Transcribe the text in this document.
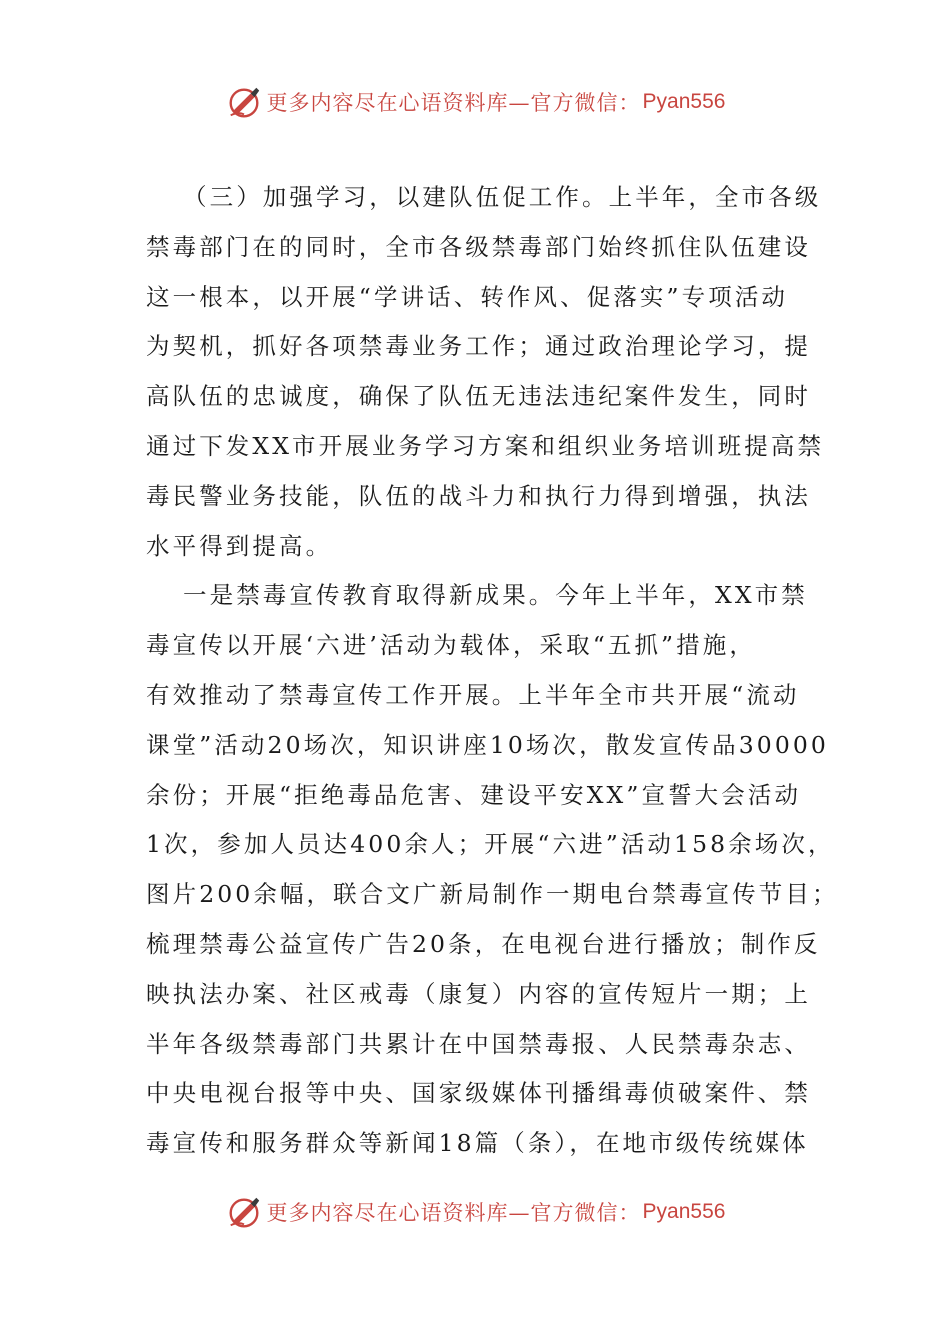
更多内容尽在心语资料库—官方微信： Pyan556
（三）加强学习，以建队伍促工作。上半年，全市各级
禁毒部门在的同时，全市各级禁毒部门始终抓住队伍建设
这一根本，以开展“学讲话、转作风、促落实”专项活动
为契机，抓好各项禁毒业务工作；通过政治理论学习，提
高队伍的忠诚度，确保了队伍无违法违纪案件发生，同时
通过下发XX市开展业务学习方案和组织业务培训班提高禁
毒民警业务技能，队伍的战斗力和执行力得到增强，执法
水平得到提高。
一是禁毒宣传教育取得新成果。今年上半年，XX市禁
毒宣传以开展‘六进’活动为载体，采取“五抓”措施，
有效推动了禁毒宣传工作开展。上半年全市共开展“流动
课堂”活动20场次，知识讲座10场次，散发宣传品30000
余份；开展“拒绝毒品危害、建设平安XX”宣誓大会活动
1次，参加人员达400余人；开展“六进”活动158余场次，
图片200余幅，联合文广新局制作一期电台禁毒宣传节目；
梳理禁毒公益宣传广告20条，在电视台进行播放；制作反
映执法办案、社区戒毒（康复）内容的宣传短片一期；上
半年各级禁毒部门共累计在中国禁毒报、人民禁毒杂志、
中央电视台报等中央、国家级媒体刊播缉毒侦破案件、禁
毒宣传和服务群众等新闻18篇（条），在地市级传统媒体
更多内容尽在心语资料库—官方微信： Pyan556
